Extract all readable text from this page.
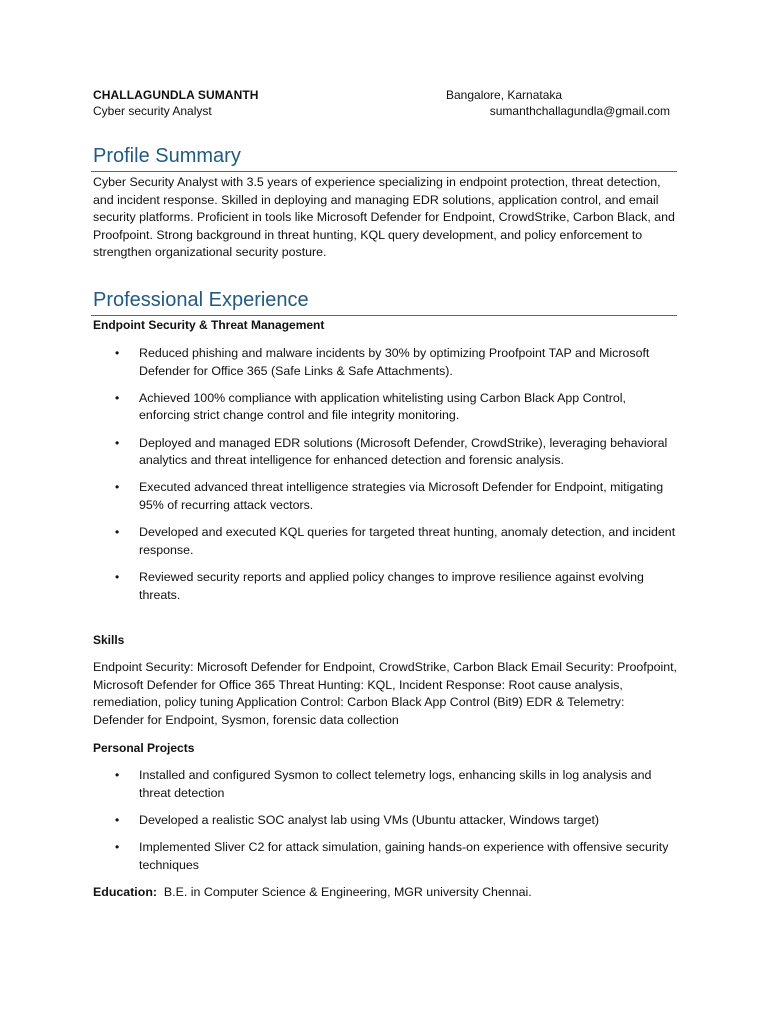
CHALLAGUNDLA SUMANTH
Cyber security Analyst
Bangalore, Karnataka
sumanthchallagundla@gmail.com
Profile Summary
Cyber Security Analyst with 3.5 years of experience specializing in endpoint protection, threat detection, and incident response. Skilled in deploying and managing EDR solutions, application control, and email security platforms. Proficient in tools like Microsoft Defender for Endpoint, CrowdStrike, Carbon Black, and Proofpoint. Strong background in threat hunting, KQL query development, and policy enforcement to strengthen organizational security posture.
Professional Experience
Endpoint Security & Threat Management
• Reduced phishing and malware incidents by 30% by optimizing Proofpoint TAP and Microsoft Defender for Office 365 (Safe Links & Safe Attachments).
• Achieved 100% compliance with application whitelisting using Carbon Black App Control, enforcing strict change control and file integrity monitoring.
• Deployed and managed EDR solutions (Microsoft Defender, CrowdStrike), leveraging behavioral analytics and threat intelligence for enhanced detection and forensic analysis.
• Executed advanced threat intelligence strategies via Microsoft Defender for Endpoint, mitigating 95% of recurring attack vectors.
• Developed and executed KQL queries for targeted threat hunting, anomaly detection, and incident response.
• Reviewed security reports and applied policy changes to improve resilience against evolving threats.
Skills
Endpoint Security: Microsoft Defender for Endpoint, CrowdStrike, Carbon Black Email Security: Proofpoint, Microsoft Defender for Office 365 Threat Hunting: KQL, Incident Response: Root cause analysis, remediation, policy tuning Application Control: Carbon Black App Control (Bit9) EDR & Telemetry: Defender for Endpoint, Sysmon, forensic data collection
Personal Projects
• Installed and configured Sysmon to collect telemetry logs, enhancing skills in log analysis and threat detection
• Developed a realistic SOC analyst lab using VMs (Ubuntu attacker, Windows target)
• Implemented Sliver C2 for attack simulation, gaining hands-on experience with offensive security techniques
Education: B.E. in Computer Science & Engineering, MGR university Chennai.
